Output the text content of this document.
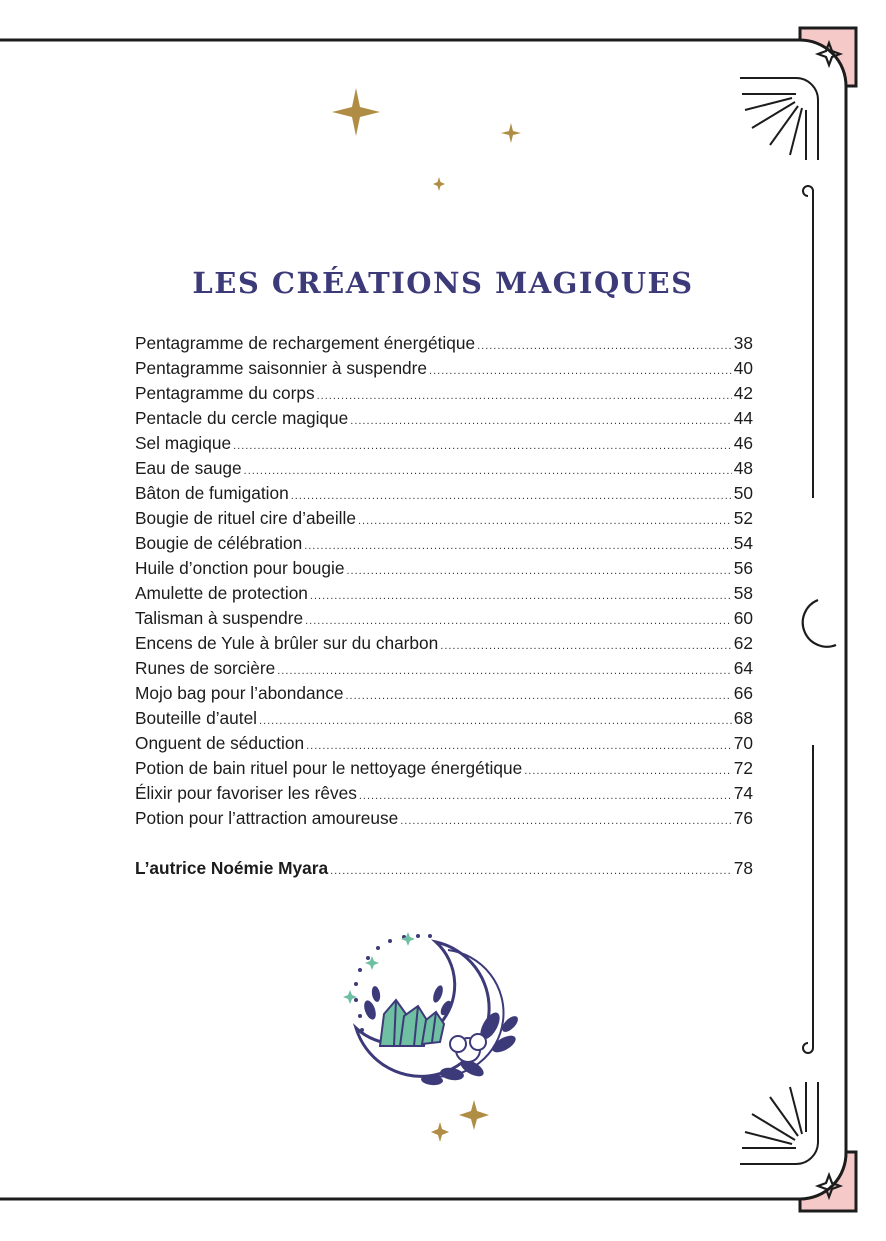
LES CRÉATIONS MAGIQUES
Pentagramme de rechargement énergétique .....	38
Pentagramme saisonnier à suspendre .....	40
Pentagramme du corps .....	42
Pentacle du cercle magique .....	44
Sel magique .....	46
Eau de sauge .....	48
Bâton de fumigation .....	50
Bougie de rituel cire d’abeille .....	52
Bougie de célébration .....	54
Huile d’onction pour bougie .....	56
Amulette de protection .....	58
Talisman à suspendre .....	60
Encens de Yule à brûler sur du charbon .....	62
Runes de sorcière .....	64
Mojo bag pour l’abondance .....	66
Bouteille d’autel .....	68
Onguent de séduction .....	70
Potion de bain rituel pour le nettoyage énergétique .....	72
Élixir pour favoriser les rêves .....	74
Potion pour l’attraction amoureuse .....	76
L’autrice Noémie Myara .....	78
